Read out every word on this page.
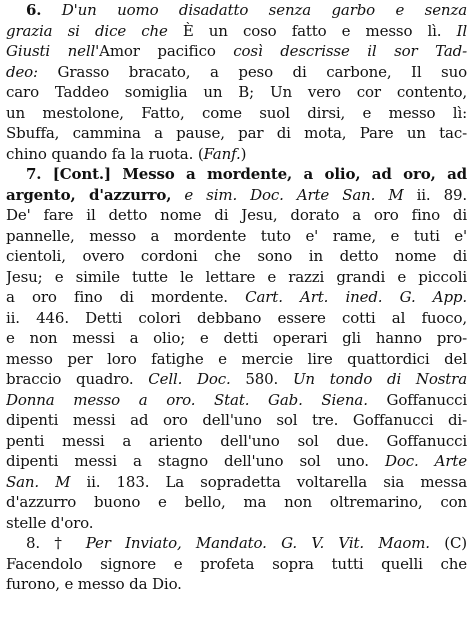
6. D'un uomo disadatto senza garbo e senza
grazia si dice che È un coso fatto e messo lì. Il
Giusti nell'Amor pacifico così descrisse il sor Tad-
deo: Grasso bracato, a peso di carbone, Il suo
caro Taddeo somiglia un B; Un vero cor contento,
un mestolone, Fatto, come suol dirsi, e messo lì:
Sbuffa, cammina a pause, par di mota, Pare un tac-
chino quando fa la ruota. (Fanf.)
7. [Cont.] Messo a mordente, a olio, ad oro, ad
argento, d'azzurro, e sim. Doc. Arte San. M ii. 89.
De' fare il detto nome di Jesu, dorato a oro fino di
pannelle, messo a mordente tuto e' rame, e tuti e'
cientoli, overo cordoni che sono in detto nome di
Jesu; e simile tutte le lettare e razzi grandi e piccoli
a oro fino di mordente. Cart. Art. ined. G. App.
ii. 446. Detti colori debbano essere cotti al fuoco,
e non messi a olio; e detti operari gli hanno pro-
messo per loro fatighe e mercie lire quattordici del
braccio quadro. Cell. Doc. 580. Un tondo di Nostra
Donna messo a oro. Stat. Gab. Siena. Goffanucci
dipenti messi ad oro dell'uno sol tre. Goffanucci di-
penti messi a ariento dell'uno sol due. Goffanucci
dipenti messi a stagno dell'uno sol uno. Doc. Arte
San. M ii. 183. La sopradetta voltarella sia messa
d'azzurro buono e bello, ma non oltremarino, con
stelle d'oro.
8. † Per Inviato, Mandato. G. V. Vit. Maom. (C)
Facendolo signore e profeta sopra tutti quelli che
furono, e messo da Dio.
